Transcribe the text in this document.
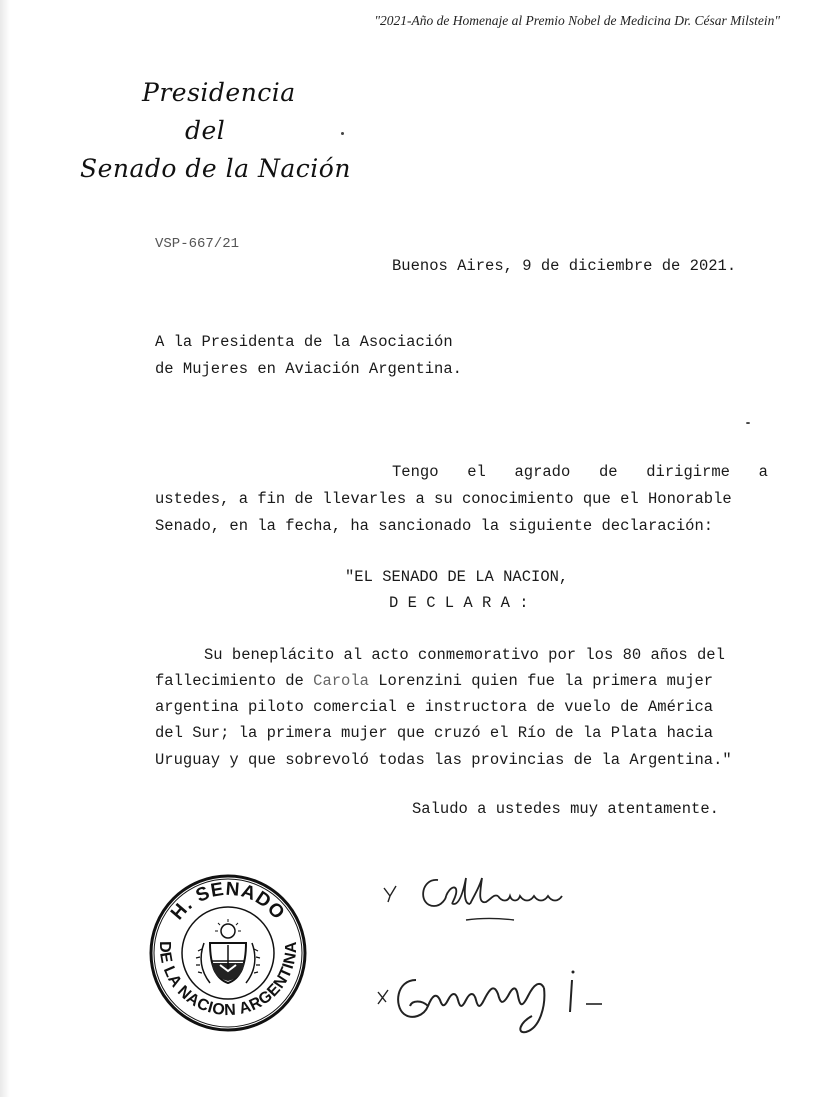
"2021-Año de Homenaje al Premio Nobel de Medicina Dr. César Milstein"
Presidencia
del
Senado de la Nación
VSP-667/21
Buenos Aires, 9 de diciembre de 2021.
A la Presidenta de la Asociación
de Mujeres en Aviación Argentina.
Tengo el agrado de dirigirme a
ustedes, a fin de llevarles a su conocimiento que el Honorable
Senado, en la fecha, ha sancionado la siguiente declaración:
"EL SENADO DE LA NACION,
D E C L A R A :
Su beneplácito al acto conmemorativo por los 80 años del
fallecimiento de Carola Lorenzini quien fue la primera mujer
argentina piloto comercial e instructora de vuelo de América
del Sur; la primera mujer que cruzó el Río de la Plata hacia
Uruguay y que sobrevoló todas las provincias de la Argentina."
Saludo a ustedes muy atentamente.
H. SENADO
DE LA NACION ARGENTINA
